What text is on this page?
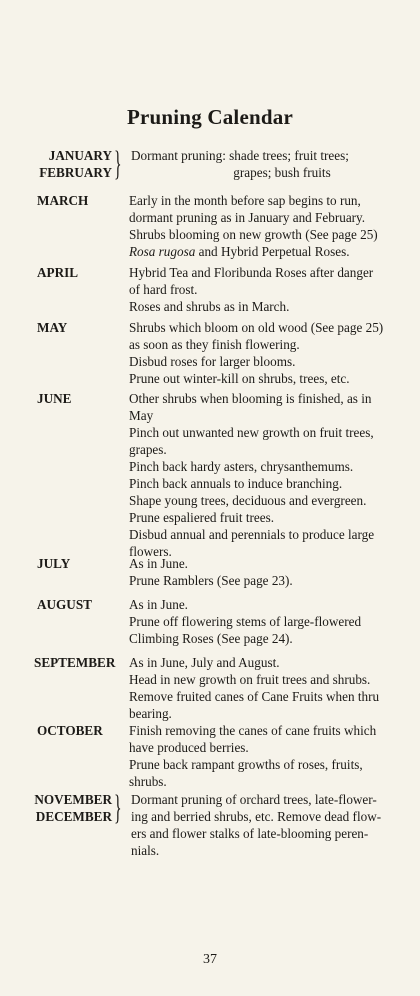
Pruning Calendar
JANUARY
FEBRUARY } Dormant pruning: shade trees; fruit trees;

grapes; bush fruits

MARCH	Early in the month before sap begins to run,

dormant pruning as in January and February.

Shrubs blooming on new growth (See page 25)

Rosa rugosa and Hybrid Perpetual Roses.

APRIL	Hybrid Tea and Floribunda Roses after danger

of hard frost.

Roses and shrubs as in March.

MAY	Shrubs which bloom on old wood (See page 25)

as soon as they finish flowering.

Disbud roses for larger blooms.

Prune out winter-kill on shrubs, trees, etc.

JUNE	Other shrubs when blooming is finished, as in

May

Pinch out unwanted new growth on fruit trees,

grapes.

Pinch back hardy asters, chrysanthemums.

Pinch back annuals to induce branching.

Shape young trees, deciduous and evergreen.

Prune espaliered fruit trees.

Disbud annual and perennials to produce large

flowers.

JULY	As in June.

Prune Ramblers (See page 23).

AUGUST	As in June.

Prune off flowering stems of large-flowered

Climbing Roses (See page 24).

SEPTEMBER As in June, July and August.

Head in new growth on fruit trees and shrubs.

Remove fruited canes of Cane Fruits when thru

bearing.

OCTOBER Finish removing the canes of cane fruits which

have produced berries.

Prune back rampant growths of roses, fruits,

shrubs.

NOVEMBER
DECEMBER } Dormant pruning of orchard trees, late-flower-

ing and berried shrubs, etc. Remove dead flow-

ers and flower stalks of late-blooming peren-

nials.

37
